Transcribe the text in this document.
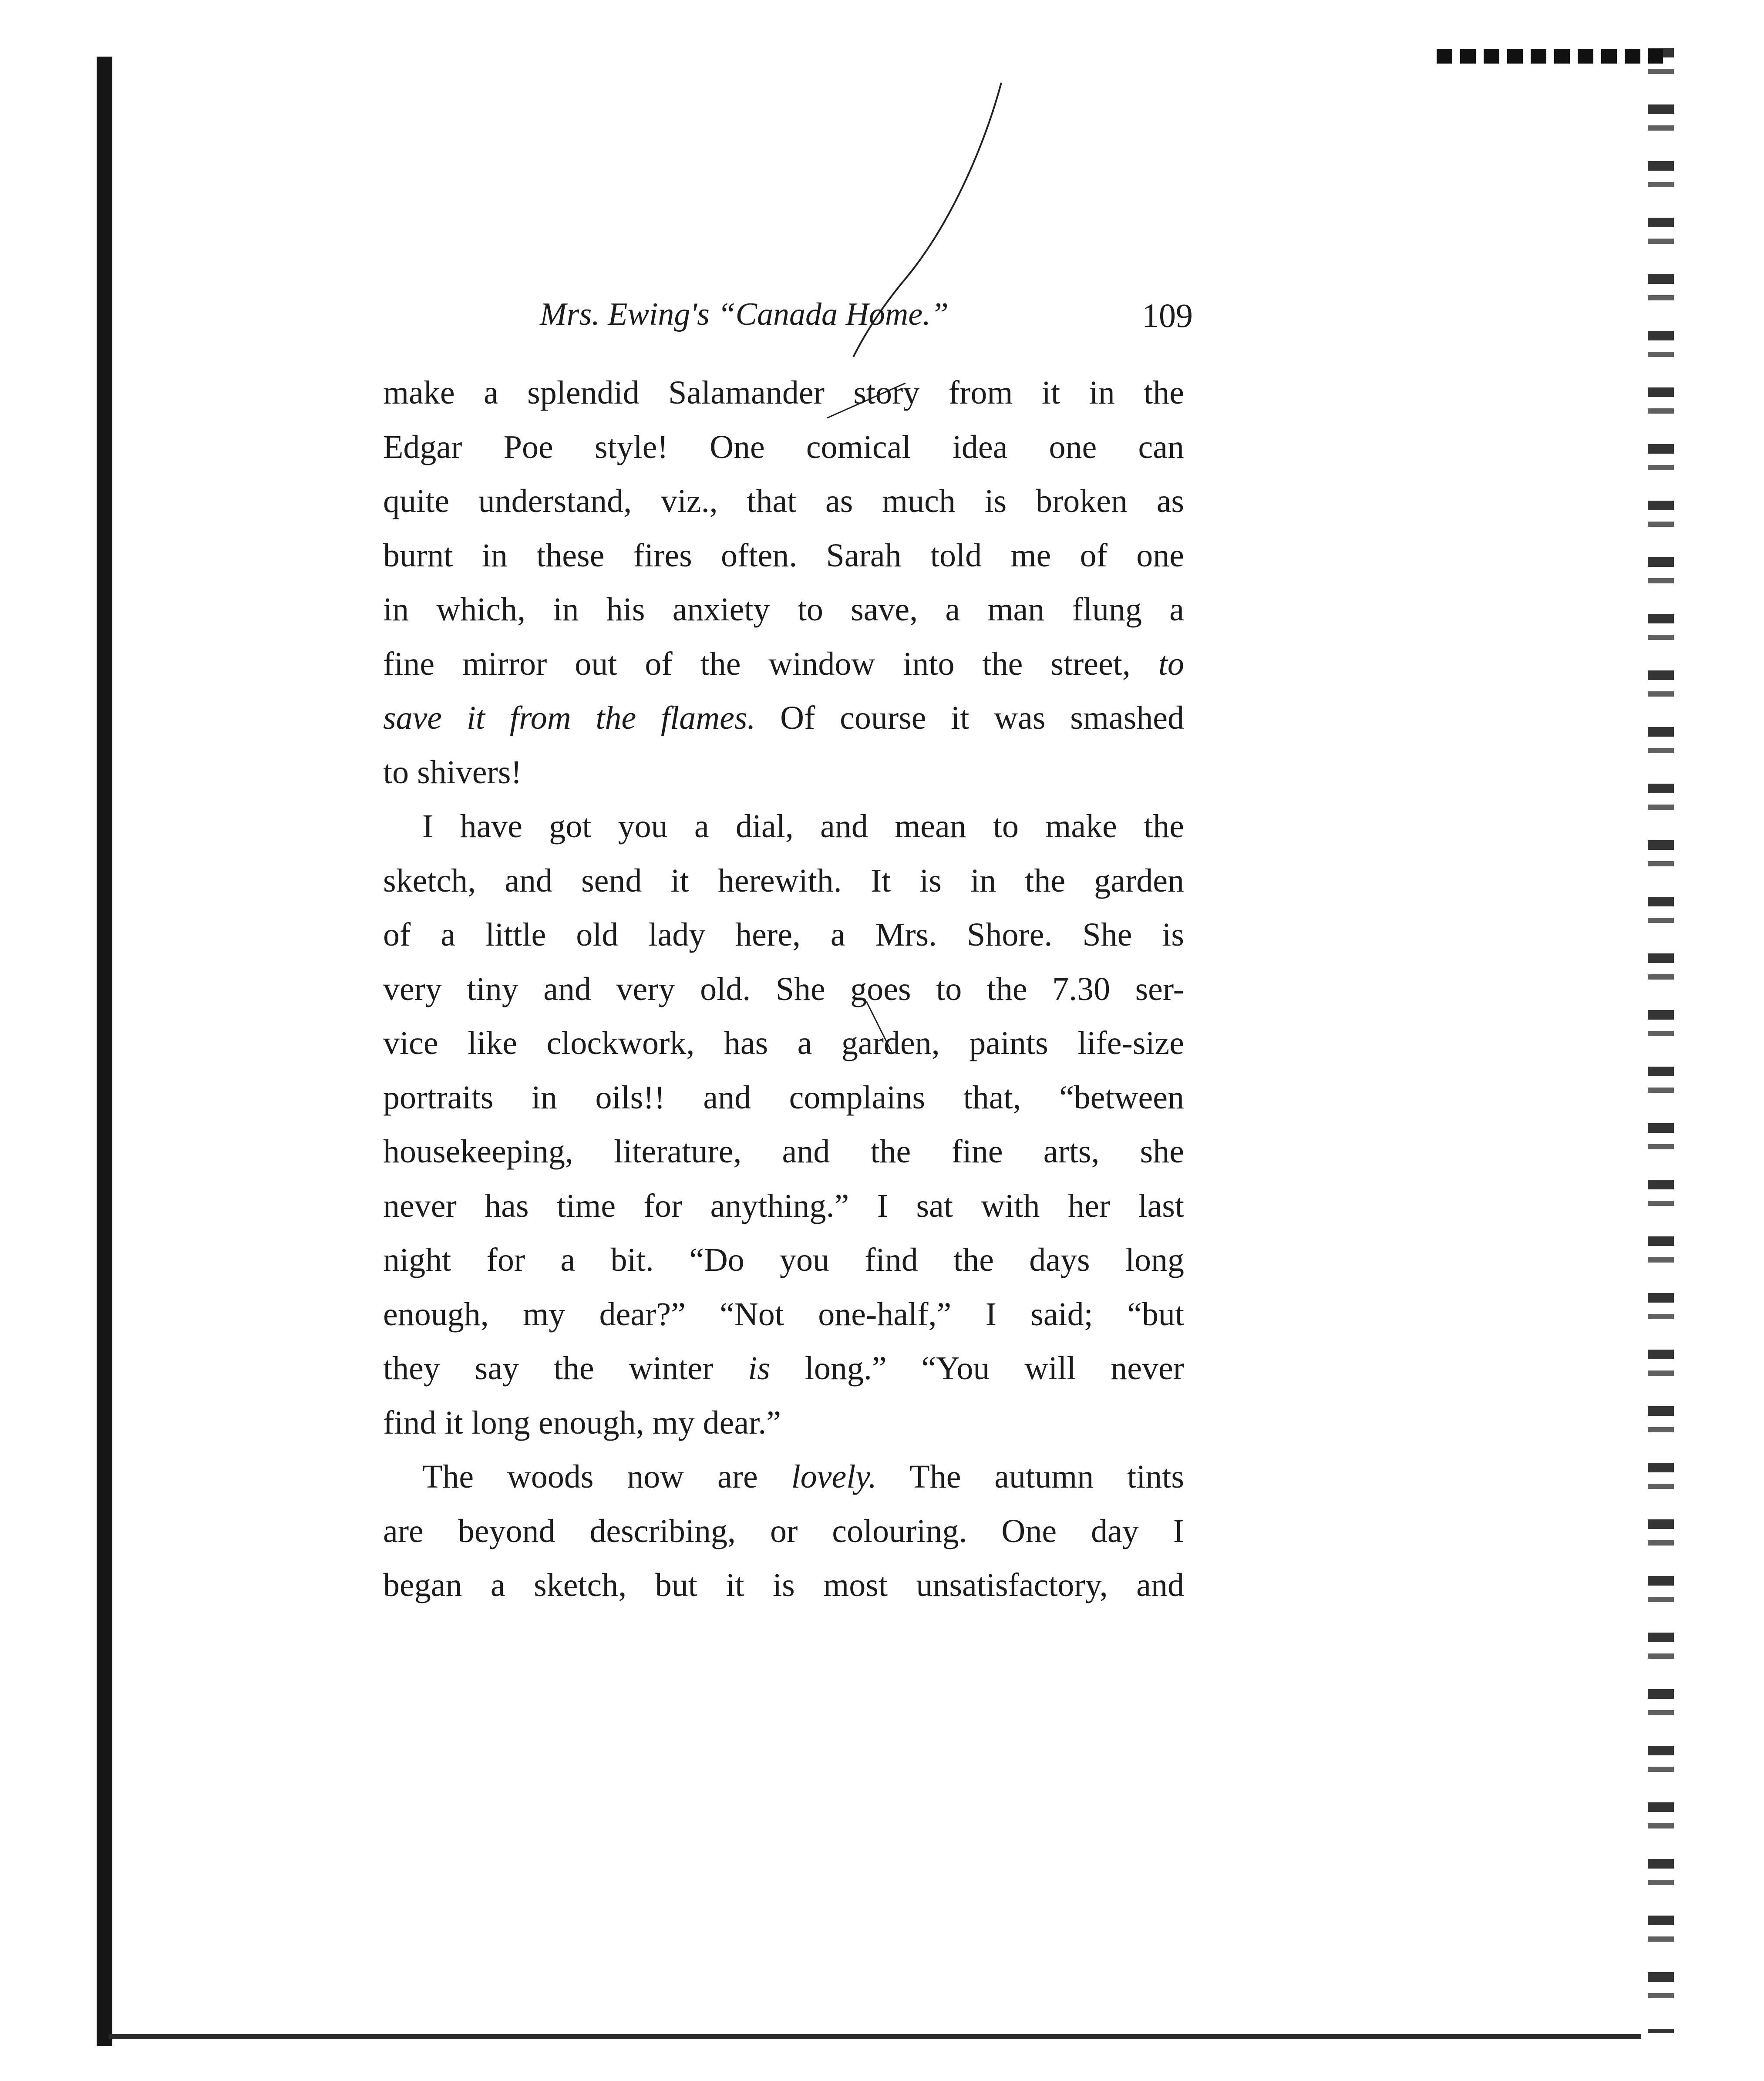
Mrs. Ewing's “Canada Home.”	109
make a splendid Salamander story from it in the
Edgar Poe style! One comical idea one can
quite understand, viz., that as much is broken as
burnt in these fires often. Sarah told me of one
in which, in his anxiety to save, a man flung a
fine mirror out of the window into the street, to
save it from the flames. Of course it was smashed
to shivers!
I have got you a dial, and mean to make the
sketch, and send it herewith. It is in the garden
of a little old lady here, a Mrs. Shore. She is
very tiny and very old. She goes to the 7.30 ser-
vice like clockwork, has a garden, paints life-size
portraits in oils!! and complains that, “between
housekeeping, literature, and the fine arts, she
never has time for anything.” I sat with her last
night for a bit. “Do you find the days long
enough, my dear?” “Not one-half,” I said; “but
they say the winter is long.” “You will never
find it long enough, my dear.”
The woods now are lovely. The autumn tints
are beyond describing, or colouring. One day I
began a sketch, but it is most unsatisfactory, and
